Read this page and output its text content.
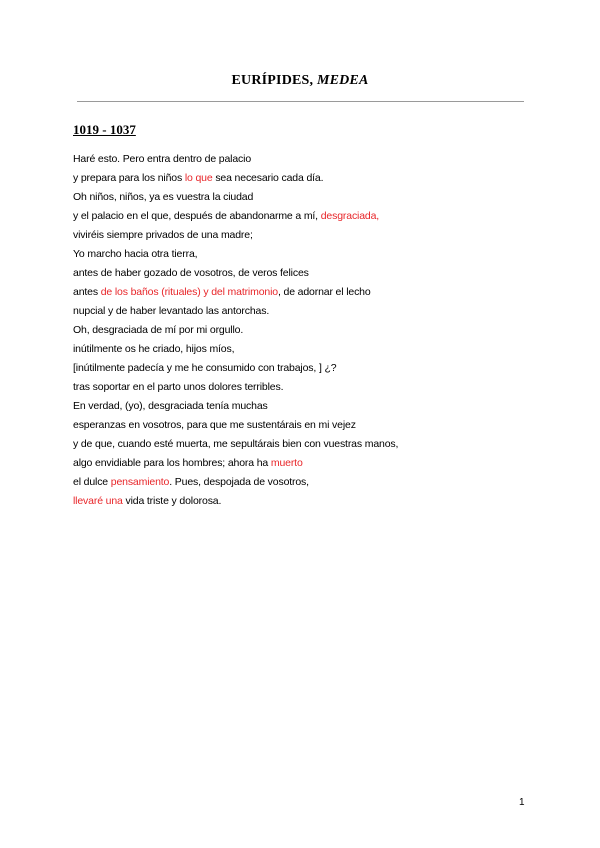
EURÍPIDES, MEDEA
1019 - 1037
Haré esto. Pero entra dentro de palacio
y prepara para los niños lo que sea necesario cada día.
Oh niños, niños, ya es vuestra la ciudad
y el palacio en el que, después de abandonarme a mí, desgraciada,
viviréis siempre privados de una madre;
Yo marcho hacia otra tierra,
antes de haber gozado de vosotros, de veros felices
antes de los baños (rituales) y del matrimonio, de adornar el lecho
nupcial y de haber levantado las antorchas.
Oh, desgraciada de mí por mi orgullo.
inútilmente os he criado, hijos míos,
[inútilmente padecía y me he consumido con trabajos, ] ¿?
tras soportar en el parto unos dolores terribles.
En verdad, (yo), desgraciada tenía muchas
esperanzas en vosotros, para que me sustentárais en mi vejez
y de que, cuando esté muerta, me sepultárais bien con vuestras manos,
algo envidiable para los hombres; ahora ha muerto
el dulce pensamiento. Pues, despojada de vosotros,
llevaré una vida triste y dolorosa.
1
